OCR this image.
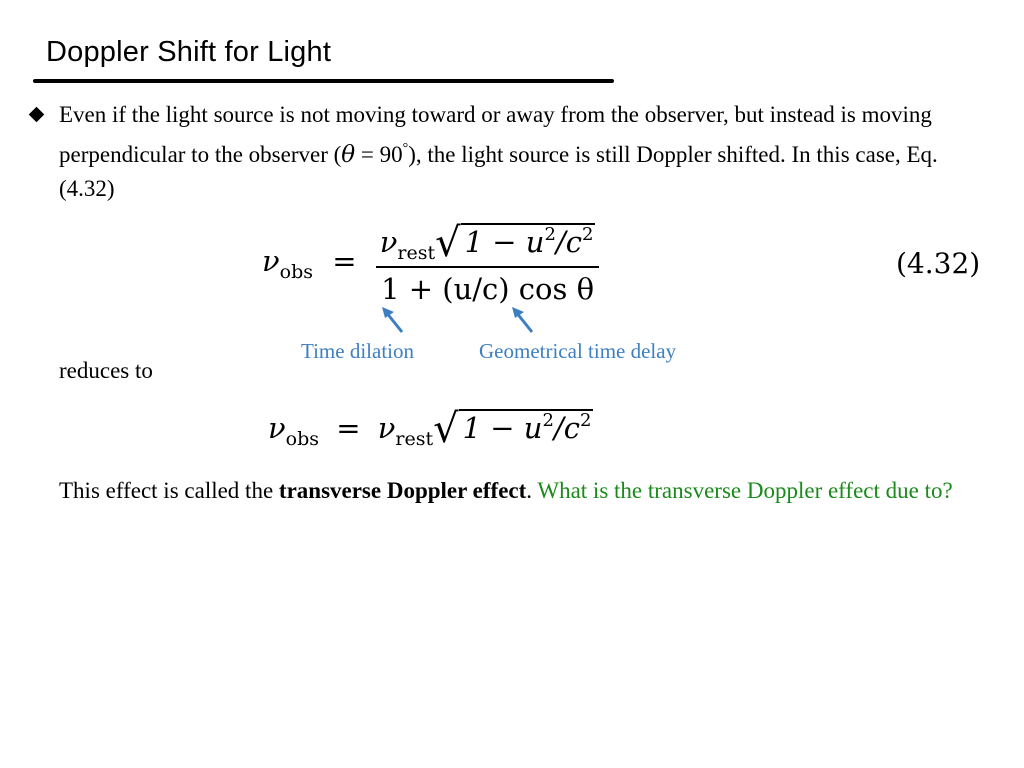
Doppler Shift for Light

Even if the light source is not moving toward or away from the observer, but instead is moving perpendicular to the observer (θ = 90°), the light source is still Doppler shifted. In this case, Eq. (4.32)

$\nu_{obs} = \frac{\nu_{rest}√ 1 - u^2/c^2}{\text{1 + (u/c) cos θ}}$	(4.32)
Time dilation	Geometrical time delay

reduces to

$\nu_{obs} = \nu_{rest}√$ $1 - u^2/c^2$

This effect is called the transverse Doppler effect. What is the transverse Doppler effect due to?
